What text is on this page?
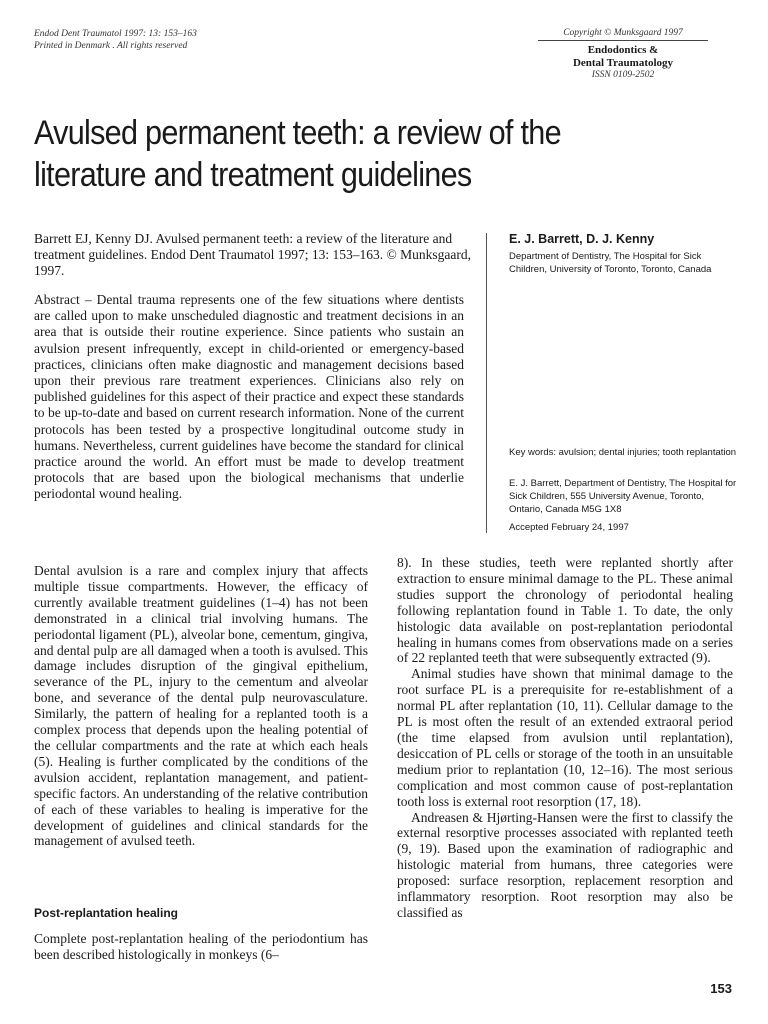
Endod Dent Traumatol 1997: 13: 153–163
Printed in Denmark . All rights reserved
Copyright © Munksgaard 1997
Endodontics &
Dental Traumatology
ISSN 0109-2502
Avulsed permanent teeth: a review of the
literature and treatment guidelines
Barrett EJ, Kenny DJ. Avulsed permanent teeth: a review of the literature and treatment guidelines. Endod Dent Traumatol 1997; 13: 153–163. © Munksgaard, 1997.
Abstract – Dental trauma represents one of the few situations where dentists are called upon to make unscheduled diagnostic and treatment decisions in an area that is outside their routine experience. Since patients who sustain an avulsion present infrequently, except in child-oriented or emergency-based practices, clinicians often make diagnostic and management decisions based upon their previous rare treatment experiences. Clinicians also rely on published guidelines for this aspect of their practice and expect these standards to be up-to-date and based on current research information. None of the current protocols has been tested by a prospective longitudinal outcome study in humans. Nevertheless, current guidelines have become the standard for clinical practice around the world. An effort must be made to develop treatment protocols that are based upon the biological mechanisms that underlie periodontal wound healing.
E. J. Barrett, D. J. Kenny
Department of Dentistry, The Hospital for Sick Children, University of Toronto, Toronto, Canada
Key words: avulsion; dental injuries; tooth replantation
E. J. Barrett, Department of Dentistry, The Hospital for Sick Children, 555 University Avenue, Toronto, Ontario, Canada M5G 1X8
Accepted February 24, 1997

Dental avulsion is a rare and complex injury that affects multiple tissue compartments. However, the efficacy of currently available treatment guidelines (1–4) has not been demonstrated in a clinical trial involving humans. The periodontal ligament (PL), alveolar bone, cementum, gingiva, and dental pulp are all damaged when a tooth is avulsed. This damage includes disruption of the gingival epithelium, severance of the PL, injury to the cementum and alveolar bone, and severance of the dental pulp neurovasculature. Similarly, the pattern of healing for a replanted tooth is a complex process that depends upon the healing potential of the cellular compartments and the rate at which each heals (5). Healing is further complicated by the conditions of the avulsion accident, replantation management, and patient-specific factors. An understanding of the relative contribution of each of these variables to healing is imperative for the development of guidelines and clinical standards for the management of avulsed teeth.

Post-replantation healing

Complete post-replantation healing of the periodontium has been described histologically in monkeys (6–

8). In these studies, teeth were replanted shortly after extraction to ensure minimal damage to the PL. These animal studies support the chronology of periodontal healing following replantation found in Table 1. To date, the only histologic data available on post-replantation periodontal healing in humans comes from observations made on a series of 22 replanted teeth that were subsequently extracted (9).

Animal studies have shown that minimal damage to the root surface PL is a prerequisite for re-establishment of a normal PL after replantation (10, 11). Cellular damage to the PL is most often the result of an extended extraoral period (the time elapsed from avulsion until replantation), desiccation of PL cells or storage of the tooth in an unsuitable medium prior to replantation (10, 12–16). The most serious complication and most common cause of post-replantation tooth loss is external root resorption (17, 18).

Andreasen & Hjørting-Hansen were the first to classify the external resorptive processes associated with replanted teeth (9, 19). Based upon the examination of radiographic and histologic material from humans, three categories were proposed: surface resorption, replacement resorption and inflammatory resorption. Root resorption may also be classified as

153
